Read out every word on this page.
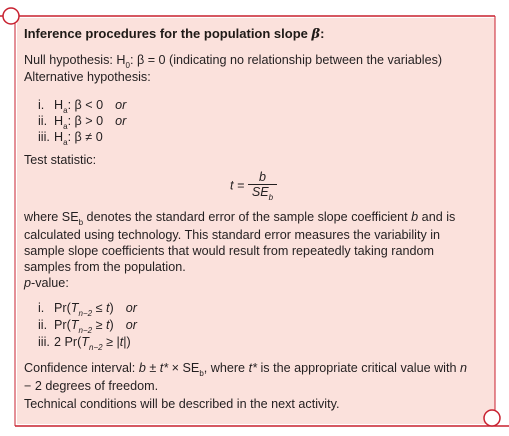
Inference procedures for the population slope β:
Null hypothesis: $H_0$: β = 0 (indicating no relationship between the variables)
Alternative hypothesis:
i. $H_a$: β < 0 or
ii. $H_a$: β > 0 or
iii. $H_a$: β ≠ 0
Test statistic:
$t = \frac{b}{SE_b}$
where $SE_b$ denotes the standard error of the sample slope coefficient b and is calculated using technology. This standard error measures the variability in sample slope coefficients that would result from repeatedly taking random samples from the population.
p-value:
i. $Pr(T_{n-2} \le t)$ or
ii. $Pr(T_{n-2} \ge t)$ or
iii. 2 $Pr(T_{n-2} \ge |t|)$
Confidence interval: $b \pm t* \times SE_b$, where t* is the appropriate critical value with n − 2 degrees of freedom.
Technical conditions will be described in the next activity.
